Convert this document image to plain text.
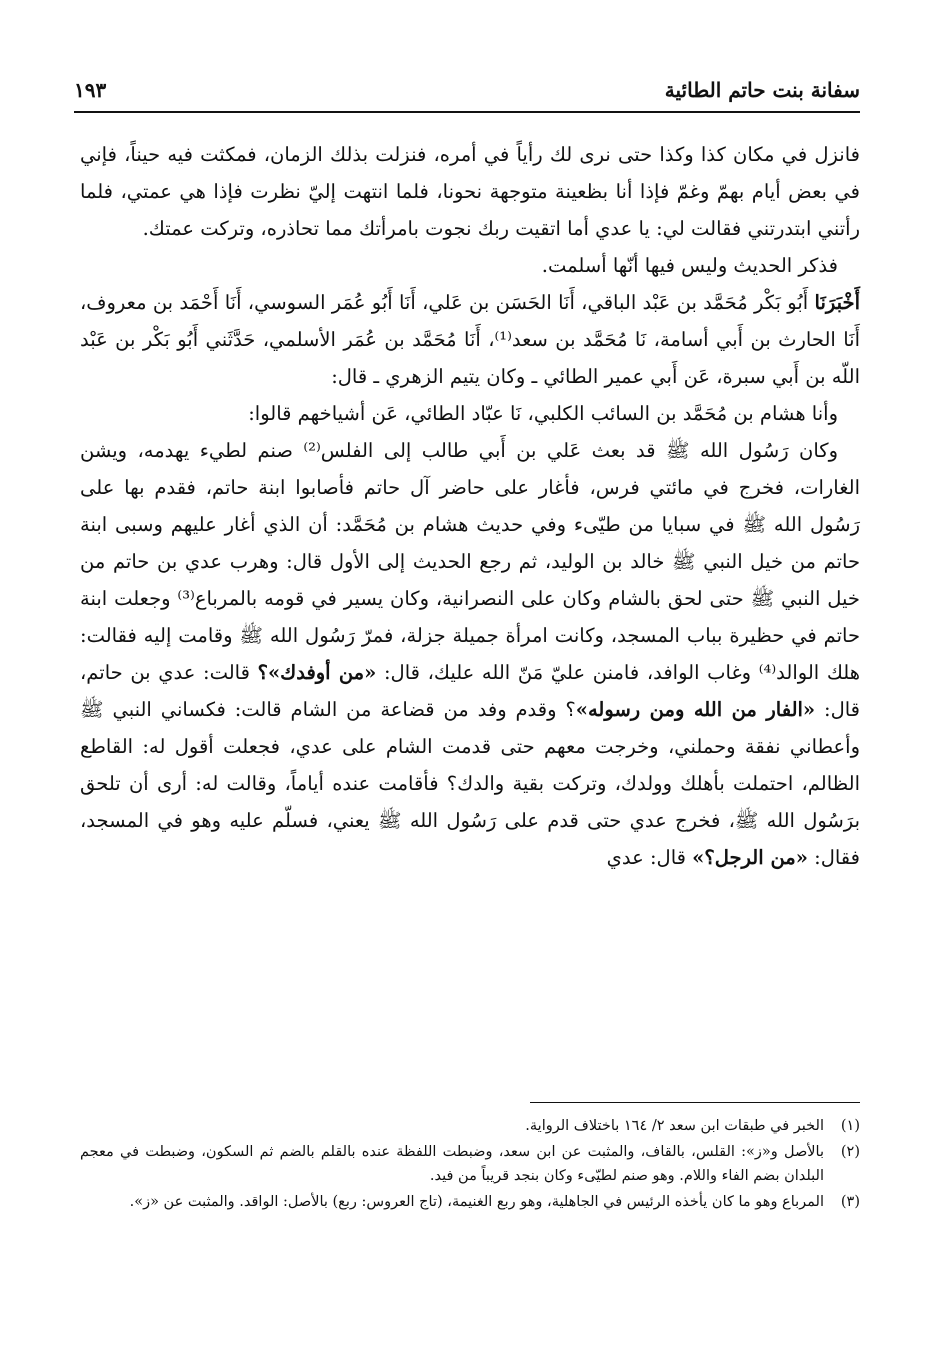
سفانة بنت حاتم الطائية
١٩٣

فانزل في مكان كذا وكذا حتى نرى لك رأياً في أمره، فنزلت بذلك الزمان، فمكثت فيه حيناً، فإني في بعض أيام بهمّ وغمّ فإذا أنا بظعينة متوجهة نحونا، فلما انتهت إليّ نظرت فإذا هي عمتي، فلما رأتني ابتدرتني فقالت لي: يا عدي أما اتقيت ربك نجوت بامرأتك مما تحاذره، وتركت عمتك.

فذكر الحديث وليس فيها أنّها أسلمت.

أَخْبَرَنَا أَبُو بَكْر مُحَمَّد بن عَبْد الباقي، أَنَا الحَسَن بن عَلي، أَنَا أَبُو عُمَر السوسي، أَنَا أَحْمَد بن معروف، أَنَا الحارث بن أَبي أسامة، نَا مُحَمَّد بن سعد⁽¹⁾، أَنَا مُحَمَّد بن عُمَر الأسلمي، حَدَّثَني أَبُو بَكْر بن عَبْد اللّه بن أَبي سبرة، عَن أَبي عمير الطائي ـ وكان يتيم الزهري ـ قال:

وأنا هشام بن مُحَمَّد بن السائب الكلبي، نَا عبّاد الطائي، عَن أشياخهم قالوا:

وكان رَسُول الله ﷺ قد بعث عَلي بن أَبي طالب إلى الفلس⁽²⁾ صنم لطيء يهدمه، ويشن الغارات، فخرج في مائتي فرس، فأغار على حاضر آل حاتم فأصابوا ابنة حاتم، فقدم بها على رَسُول الله ﷺ في سبايا من طيّىء وفي حديث هشام بن مُحَمَّد: أن الذي أغار عليهم وسبى ابنة حاتم من خيل النبي ﷺ خالد بن الوليد، ثم رجع الحديث إلى الأول قال: وهرب عدي بن حاتم من خيل النبي ﷺ حتى لحق بالشام وكان على النصرانية، وكان يسير في قومه بالمرباع⁽³⁾ وجعلت ابنة حاتم في حظيرة بباب المسجد، وكانت امرأة جميلة جزلة، فمرّ رَسُول الله ﷺ وقامت إليه فقالت: هلك الوالد⁽⁴⁾ وغاب الوافد، فامنن عليّ مَنّ الله عليك، قال: «من أوفدك»؟ قالت: عدي بن حاتم، قال: «الفار من الله ومن رسوله»؟ وقدم وفد من قضاعة من الشام قالت: فكساني النبي ﷺ وأعطاني نفقة وحملني، وخرجت معهم حتى قدمت الشام على عدي، فجعلت أقول له: القاطع الظالم، احتملت بأهلك وولدك، وتركت بقية والدك؟ فأقامت عنده أياماً، وقالت له: أرى أن تلحق برَسُول الله ﷺ، فخرج عدي حتى قدم على رَسُول الله ﷺ يعني، فسلّم عليه وهو في المسجد، فقال: «من الرجل؟» قال: عدي

(١)
الخبر في طبقات ابن سعد ٢/ ١٦٤ باختلاف الرواية.
(٢)
بالأصل و«ز»: القلس، بالقاف، والمثبت عن ابن سعد، وضبطت اللفظة عنده بالقلم بالضم ثم السكون، وضبطت في معجم البلدان بضم الفاء واللام. وهو صنم لطيّىء وكان بنجد قريباً من فيد.
(٣)
المرباع وهو ما كان يأخذه الرئيس في الجاهلية، وهو ربع الغنيمة، (تاج العروس: ربع) بالأصل: الواقد. والمثبت عن «ز».
